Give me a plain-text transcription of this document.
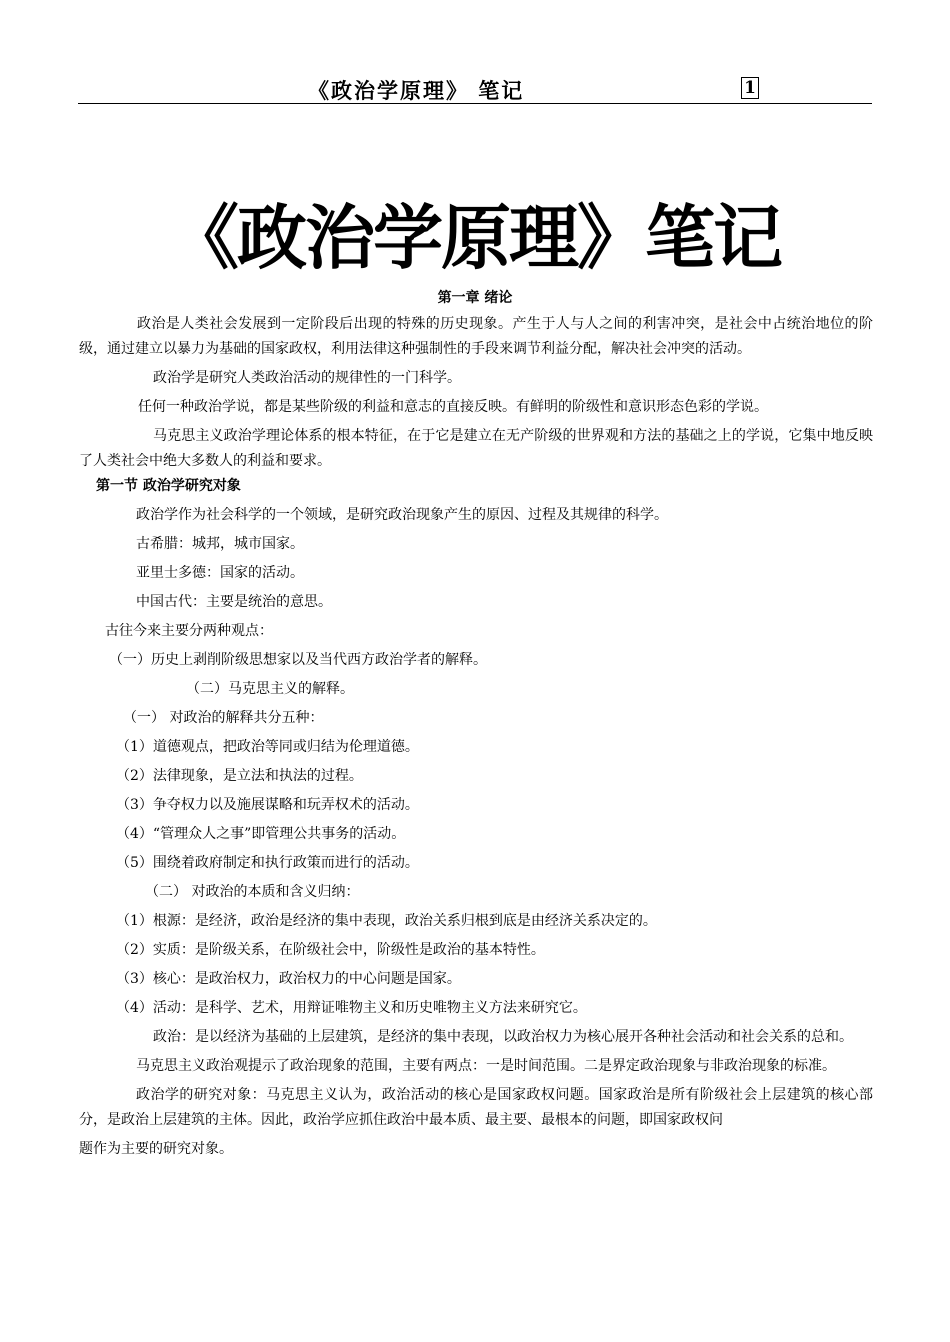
《政治学原理》 笔记	1
《政治学原理》笔记
第一章 绪论

政治是人类社会发展到一定阶段后出现的特殊的历史现象。产生于人与人之间的利害冲突，是社会中占统治地位的阶级，通过建立以暴力为基础的国家政权，利用法律这种强制性的手段来调节利益分配，解决社会冲突的活动。

政治学是研究人类政治活动的规律性的一门科学。

任何一种政治学说，都是某些阶级的利益和意志的直接反映。有鲜明的阶级性和意识形态色彩的学说。

马克思主义政治学理论体系的根本特征，在于它是建立在无产阶级的世界观和方法的基础之上的学说，它集中地反映了人类社会中绝大多数人的利益和要求。

第一节 政治学研究对象

政治学作为社会科学的一个领域，是研究政治现象产生的原因、过程及其规律的科学。

古希腊：城邦，城市国家。

亚里士多德：国家的活动。

中国古代：主要是统治的意思。

古往今来主要分两种观点：

（一）历史上剥削阶级思想家以及当代西方政治学者的解释。

（二）马克思主义的解释。

（一） 对政治的解释共分五种：

（1）道德观点，把政治等同或归结为伦理道德。

（2）法律现象，是立法和执法的过程。

（3）争夺权力以及施展谋略和玩弄权术的活动。

（4）“管理众人之事”即管理公共事务的活动。

（5）围绕着政府制定和执行政策而进行的活动。

（二） 对政治的本质和含义归纳：

（1）根源：是经济，政治是经济的集中表现，政治关系归根到底是由经济关系决定的。

（2）实质：是阶级关系，在阶级社会中，阶级性是政治的基本特性。

（3）核心：是政治权力，政治权力的中心问题是国家。

（4）活动：是科学、艺术，用辩证唯物主义和历史唯物主义方法来研究它。

政治：是以经济为基础的上层建筑，是经济的集中表现，以政治权力为核心展开各种社会活动和社会关系的总和。

马克思主义政治观提示了政治现象的范围，主要有两点：一是时间范围。二是界定政治现象与非政治现象的标准。

政治学的研究对象：马克思主义认为，政治活动的核心是国家政权问题。国家政治是所有阶级社会上层建筑的核心部分，是政治上层建筑的主体。因此，政治学应抓住政治中最本质、最主要、最根本的问题，即国家政权问

题作为主要的研究对象。
